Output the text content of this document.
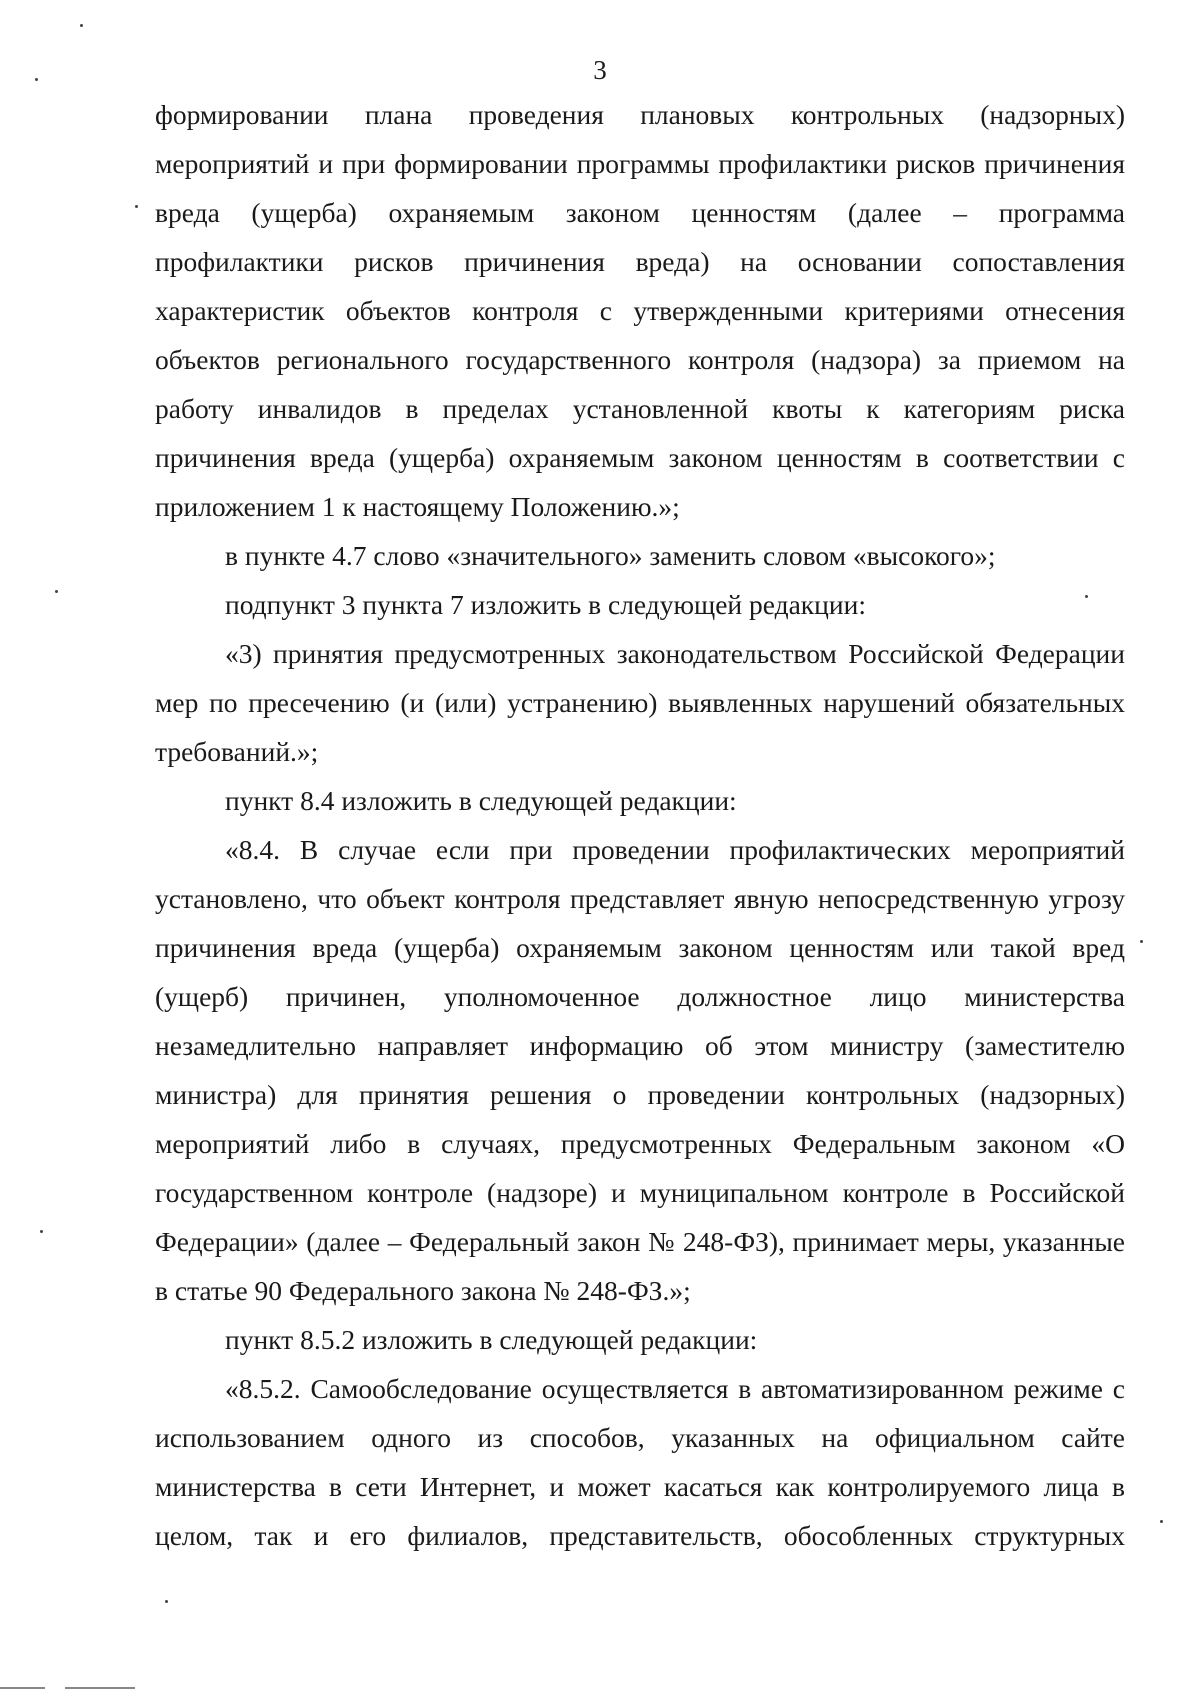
3

формировании плана проведения плановых контрольных (надзорных) мероприятий и при формировании программы профилактики рисков причинения вреда (ущерба) охраняемым законом ценностям (далее – программа профилактики рисков причинения вреда) на основании сопоставления характеристик объектов контроля с утвержденными критериями отнесения объектов регионального государственного контроля (надзора) за приемом на работу инвалидов в пределах установленной квоты к категориям риска причинения вреда (ущерба) охраняемым законом ценностям в соответствии с приложением 1 к настоящему Положению.»;

в пункте 4.7 слово «значительного» заменить словом «высокого»;

подпункт 3 пункта 7 изложить в следующей редакции:

«3) принятия предусмотренных законодательством Российской Федерации мер по пресечению (и (или) устранению) выявленных нарушений обязательных требований.»;

пункт 8.4 изложить в следующей редакции:

«8.4. В случае если при проведении профилактических мероприятий установлено, что объект контроля представляет явную непосредственную угрозу причинения вреда (ущерба) охраняемым законом ценностям или такой вред (ущерб) причинен, уполномоченное должностное лицо министерства незамедлительно направляет информацию об этом министру (заместителю министра) для принятия решения о проведении контрольных (надзорных) мероприятий либо в случаях, предусмотренных Федеральным законом «О государственном контроле (надзоре) и муниципальном контроле в Российской Федерации» (далее – Федеральный закон № 248-ФЗ), принимает меры, указанные в статье 90 Федерального закона № 248-ФЗ.»;

пункт 8.5.2 изложить в следующей редакции:

«8.5.2. Самообследование осуществляется в автоматизированном режиме с использованием одного из способов, указанных на официальном сайте министерства в сети Интернет, и может касаться как контролируемого лица в целом, так и его филиалов, представительств, обособленных структурных
